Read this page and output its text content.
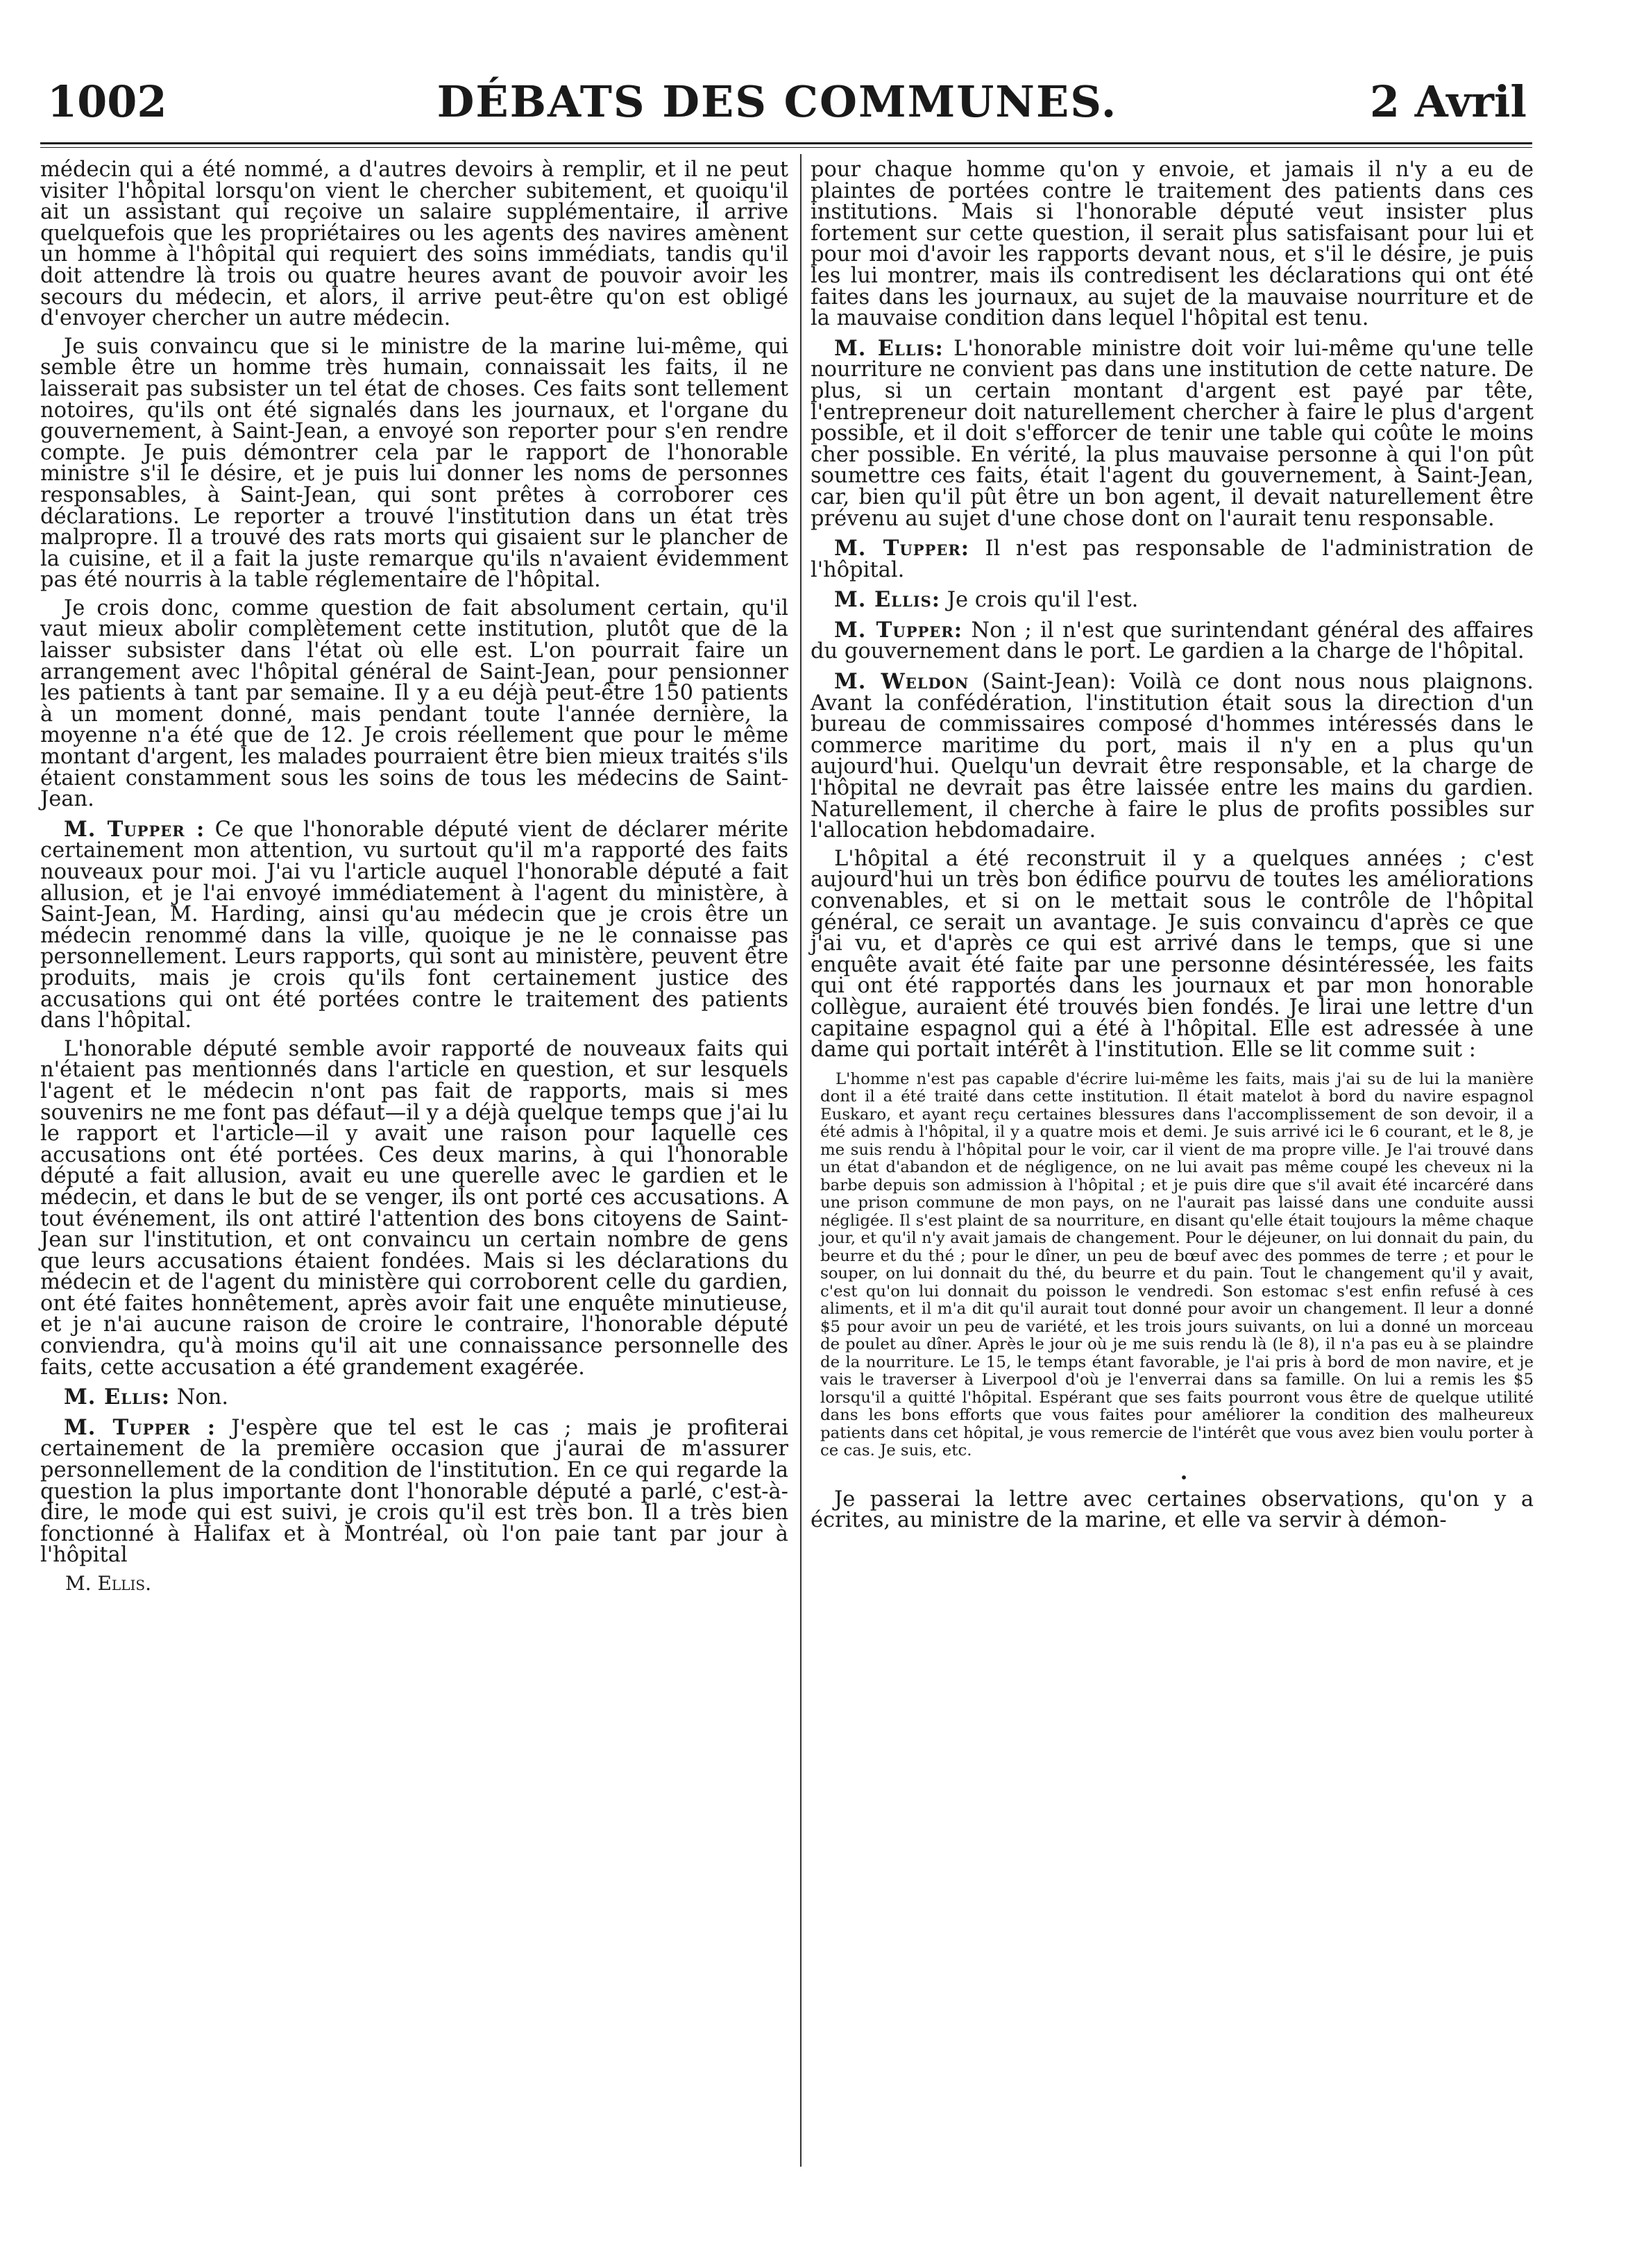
1002	DÉBATS DES COMMUNES.	2 Avril

médecin qui a été nommé, a d'autres devoirs à remplir, et il ne peut visiter l'hôpital lorsqu'on vient le chercher subitement, et quoiqu'il ait un assistant qui reçoive un salaire supplémentaire, il arrive quelquefois que les propriétaires ou les agents des navires amènent un homme à l'hôpital qui requiert des soins immédiats, tandis qu'il doit attendre là trois ou quatre heures avant de pouvoir avoir les secours du médecin, et alors, il arrive peut-être qu'on est obligé d'envoyer chercher un autre médecin.

Je suis convaincu que si le ministre de la marine lui-même, qui semble être un homme très humain, connaissait les faits, il ne laisserait pas subsister un tel état de choses. Ces faits sont tellement notoires, qu'ils ont été signalés dans les journaux, et l'organe du gouvernement, à Saint-Jean, a envoyé son reporter pour s'en rendre compte. Je puis démontrer cela par le rapport de l'honorable ministre s'il le désire, et je puis lui donner les noms de personnes responsables, à Saint-Jean, qui sont prêtes à corroborer ces déclarations. Le reporter a trouvé l'institution dans un état très malpropre. Il a trouvé des rats morts qui gisaient sur le plancher de la cuisine, et il a fait la juste remarque qu'ils n'avaient évidemment pas été nourris à la table réglementaire de l'hôpital.

Je crois donc, comme question de fait absolument certain, qu'il vaut mieux abolir complètement cette institution, plutôt que de la laisser subsister dans l'état où elle est. L'on pourrait faire un arrangement avec l'hôpital général de Saint-Jean, pour pensionner les patients à tant par semaine. Il y a eu déjà peut-être 150 patients à un moment donné, mais pendant toute l'année dernière, la moyenne n'a été que de 12. Je crois réellement que pour le même montant d'argent, les malades pourraient être bien mieux traités s'ils étaient constamment sous les soins de tous les médecins de Saint-Jean.

M. Tupper : Ce que l'honorable député vient de déclarer mérite certainement mon attention, vu surtout qu'il m'a rapporté des faits nouveaux pour moi. J'ai vu l'article auquel l'honorable député a fait allusion, et je l'ai envoyé immédiatement à l'agent du ministère, à Saint-Jean, M. Harding, ainsi qu'au médecin que je crois être un médecin renommé dans la ville, quoique je ne le connaisse pas personnellement. Leurs rapports, qui sont au ministère, peuvent être produits, mais je crois qu'ils font certainement justice des accusations qui ont été portées contre le traitement des patients dans l'hôpital.

L'honorable député semble avoir rapporté de nouveaux faits qui n'étaient pas mentionnés dans l'article en question, et sur lesquels l'agent et le médecin n'ont pas fait de rapports, mais si mes souvenirs ne me font pas défaut—il y a déjà quelque temps que j'ai lu le rapport et l'article—il y avait une raison pour laquelle ces accusations ont été portées. Ces deux marins, à qui l'honorable député a fait allusion, avait eu une querelle avec le gardien et le médecin, et dans le but de se venger, ils ont porté ces accusations. A tout événement, ils ont attiré l'attention des bons citoyens de Saint-Jean sur l'institution, et ont convaincu un certain nombre de gens que leurs accusations étaient fondées. Mais si les déclarations du médecin et de l'agent du ministère qui corroborent celle du gardien, ont été faites honnêtement, après avoir fait une enquête minutieuse, et je n'ai aucune raison de croire le contraire, l'honorable député conviendra, qu'à moins qu'il ait une connaissance personnelle des faits, cette accusation a été grandement exagérée.

M. Ellis: Non.

M. Tupper : J'espère que tel est le cas ; mais je profiterai certainement de la première occasion que j'aurai de m'assurer personnellement de la condition de l'institution. En ce qui regarde la question la plus importante dont l'honorable député a parlé, c'est-à-dire, le mode qui est suivi, je crois qu'il est très bon. Il a très bien fonctionné à Halifax et à Montréal, où l'on paie tant par jour à l'hôpital

M. Ellis.

pour chaque homme qu'on y envoie, et jamais il n'y a eu de plaintes de portées contre le traitement des patients dans ces institutions. Mais si l'honorable député veut insister plus fortement sur cette question, il serait plus satisfaisant pour lui et pour moi d'avoir les rapports devant nous, et s'il le désire, je puis les lui montrer, mais ils contredisent les déclarations qui ont été faites dans les journaux, au sujet de la mauvaise nourriture et de la mauvaise condition dans lequel l'hôpital est tenu.

M. Ellis: L'honorable ministre doit voir lui-même qu'une telle nourriture ne convient pas dans une institution de cette nature. De plus, si un certain montant d'argent est payé par tête, l'entrepreneur doit naturellement chercher à faire le plus d'argent possible, et il doit s'efforcer de tenir une table qui coûte le moins cher possible. En vérité, la plus mauvaise personne à qui l'on pût soumettre ces faits, était l'agent du gouvernement, à Saint-Jean, car, bien qu'il pût être un bon agent, il devait naturellement être prévenu au sujet d'une chose dont on l'aurait tenu responsable.

M. Tupper: Il n'est pas responsable de l'administration de l'hôpital.

M. Ellis: Je crois qu'il l'est.

M. Tupper: Non ; il n'est que surintendant général des affaires du gouvernement dans le port. Le gardien a la charge de l'hôpital.

M. Weldon (Saint-Jean): Voilà ce dont nous nous plaignons. Avant la confédération, l'institution était sous la direction d'un bureau de commissaires composé d'hommes intéressés dans le commerce maritime du port, mais il n'y en a plus qu'un aujourd'hui. Quelqu'un devrait être responsable, et la charge de l'hôpital ne devrait pas être laissée entre les mains du gardien. Naturellement, il cherche à faire le plus de profits possibles sur l'allocation hebdomadaire.

L'hôpital a été reconstruit il y a quelques années ; c'est aujourd'hui un très bon édifice pourvu de toutes les améliorations convenables, et si on le mettait sous le contrôle de l'hôpital général, ce serait un avantage. Je suis convaincu d'après ce que j'ai vu, et d'après ce qui est arrivé dans le temps, que si une enquête avait été faite par une personne désintéressée, les faits qui ont été rapportés dans les journaux et par mon honorable collègue, auraient été trouvés bien fondés. Je lirai une lettre d'un capitaine espagnol qui a été à l'hôpital. Elle est adressée à une dame qui portait intérêt à l'institution. Elle se lit comme suit :

L'homme n'est pas capable d'écrire lui-même les faits, mais j'ai su de lui la manière dont il a été traité dans cette institution. Il était matelot à bord du navire espagnol Euskaro, et ayant reçu certaines blessures dans l'accomplissement de son devoir, il a été admis à l'hôpital, il y a quatre mois et demi. Je suis arrivé ici le 6 courant, et le 8, je me suis rendu à l'hôpital pour le voir, car il vient de ma propre ville. Je l'ai trouvé dans un état d'abandon et de négligence, on ne lui avait pas même coupé les cheveux ni la barbe depuis son admission à l'hôpital ; et je puis dire que s'il avait été incarcéré dans une prison commune de mon pays, on ne l'aurait pas laissé dans une conduite aussi négligée. Il s'est plaint de sa nourriture, en disant qu'elle était toujours la même chaque jour, et qu'il n'y avait jamais de changement. Pour le déjeuner, on lui donnait du pain, du beurre et du thé ; pour le dîner, un peu de bœuf avec des pommes de terre ; et pour le souper, on lui donnait du thé, du beurre et du pain. Tout le changement qu'il y avait, c'est qu'on lui donnait du poisson le vendredi. Son estomac s'est enfin refusé à ces aliments, et il m'a dit qu'il aurait tout donné pour avoir un changement. Il leur a donné $5 pour avoir un peu de variété, et les trois jours suivants, on lui a donné un morceau de poulet au dîner. Après le jour où je me suis rendu là (le 8), il n'a pas eu à se plaindre de la nourriture. Le 15, le temps étant favorable, je l'ai pris à bord de mon navire, et je vais le traverser à Liverpool d'où je l'enverrai dans sa famille. On lui a remis les $5 lorsqu'il a quitté l'hôpital. Espérant que ses faits pourront vous être de quelque utilité dans les bons efforts que vous faites pour améliorer la condition des malheureux patients dans cet hôpital, je vous remercie de l'intérêt que vous avez bien voulu porter à ce cas. Je suis, etc.

•

Je passerai la lettre avec certaines observations, qu'on y a écrites, au ministre de la marine, et elle va servir à démon-
